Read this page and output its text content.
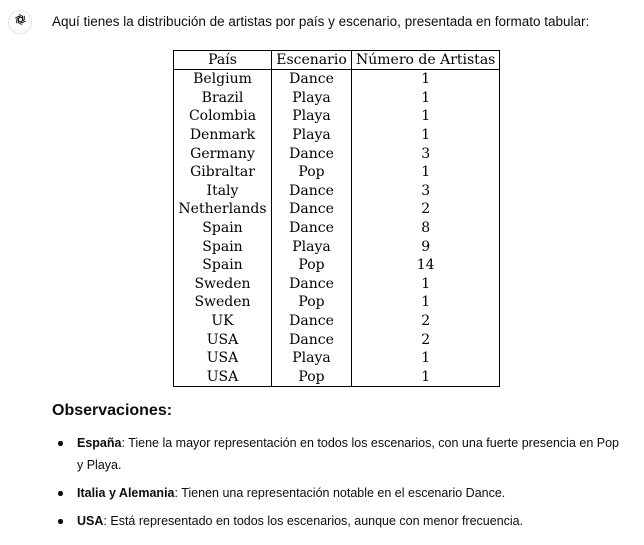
Aquí tienes la distribución de artistas por país y escenario, presentada en formato tabular:
País	Escenario	Número de Artistas
Belgium	Dance	1
Brazil	Playa	1
Colombia	Playa	1
Denmark	Playa	1
Germany	Dance	3
Gibraltar	Pop	1
Italy	Dance	3
Netherlands	Dance	2
Spain	Dance	8
Spain	Playa	9
Spain	Pop	14
Sweden	Dance	1
Sweden	Pop	1
UK	Dance	2
USA	Dance	2
USA	Playa	1
USA	Pop	1
Observaciones:
España: Tiene la mayor representación en todos los escenarios, con una fuerte presencia en Pop y Playa.
Italia y Alemania: Tienen una representación notable en el escenario Dance.
USA: Está representado en todos los escenarios, aunque con menor frecuencia.
